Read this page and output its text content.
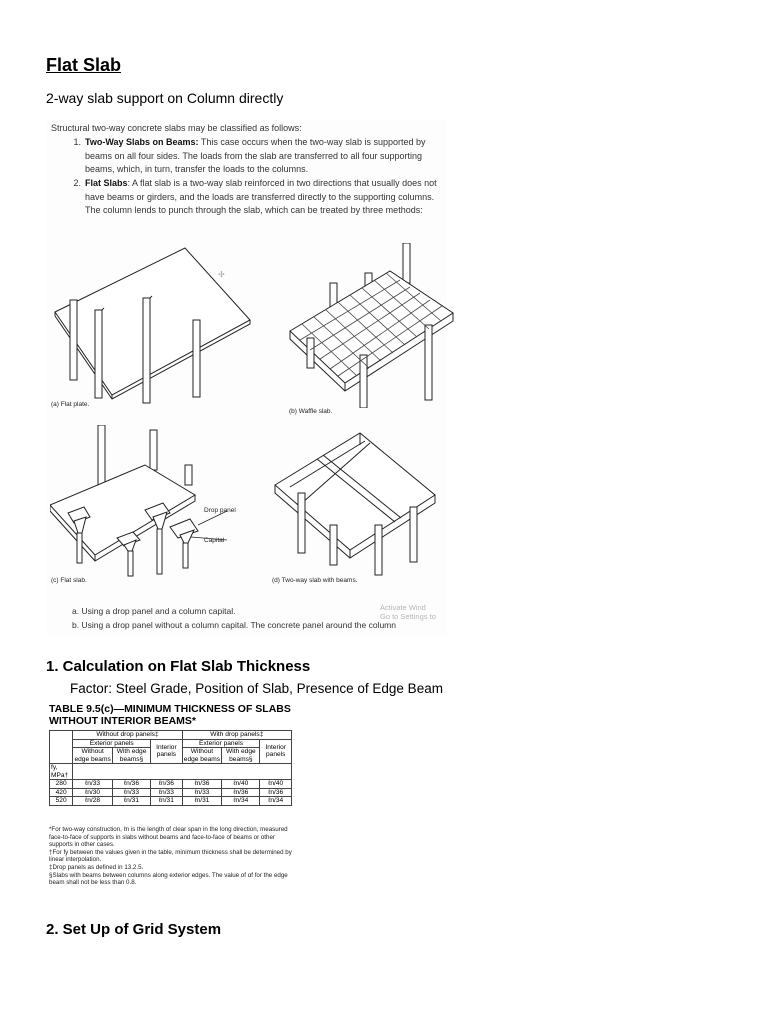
Flat Slab
2-way slab support on Column directly
Structural two-way concrete slabs may be classified as follows:
1. Two-Way Slabs on Beams: This case occurs when the two-way slab is supported by beams on all four sides. The loads from the slab are transferred to all four supporting beams, which, in turn, transfer the loads to the columns.
2. Flat Slabs: A flat slab is a two-way slab reinforced in two directions that usually does not have beams or girders, and the loads are transferred directly to the supporting columns. The column lends to punch through the slab, which can be treated by three methods:
✢
(a) Flat plate.
(b) Waffle slab.
Drop panel
Capital
(c) Flat slab.	(d) Two-way slab with beams.
a. Using a drop panel and a column capital.
b. Using a drop panel without a column capital. The concrete panel around the column
Activate Wind
Go to Settings to
1. Calculation on Flat Slab Thickness
Factor: Steel Grade, Position of Slab, Presence of Edge Beam
TABLE 9.5(c)—MINIMUM THICKNESS OF SLABS
WITHOUT INTERIOR BEAMS*
	Without drop panels‡			With drop panels‡		
	Exterior panels		Interior panels	Exterior panels		Interior panels
	Without edge beams	With edge beams§		Without edge beams	With edge beams§	
fy, MPa†						
280	ℓn/33	ℓn/36	ℓn/36	ℓn/36	ℓn/40	ℓn/40
420	ℓn/30	ℓn/33	ℓn/33	ℓn/33	ℓn/36	ℓn/36
520	ℓn/28	ℓn/31	ℓn/31	ℓn/31	ℓn/34	ℓn/34
*For two-way construction, ℓn is the length of clear span in the long direction, measured face-to-face of supports in slabs without beams and face-to-face of beams or other supports in other cases.
†For fy between the values given in the table, minimum thickness shall be determined by linear interpolation.
‡Drop panels as defined in 13.2.5.
§Slabs with beams between columns along exterior edges. The value of αf for the edge beam shall not be less than 0.8.
2. Set Up of Grid System
